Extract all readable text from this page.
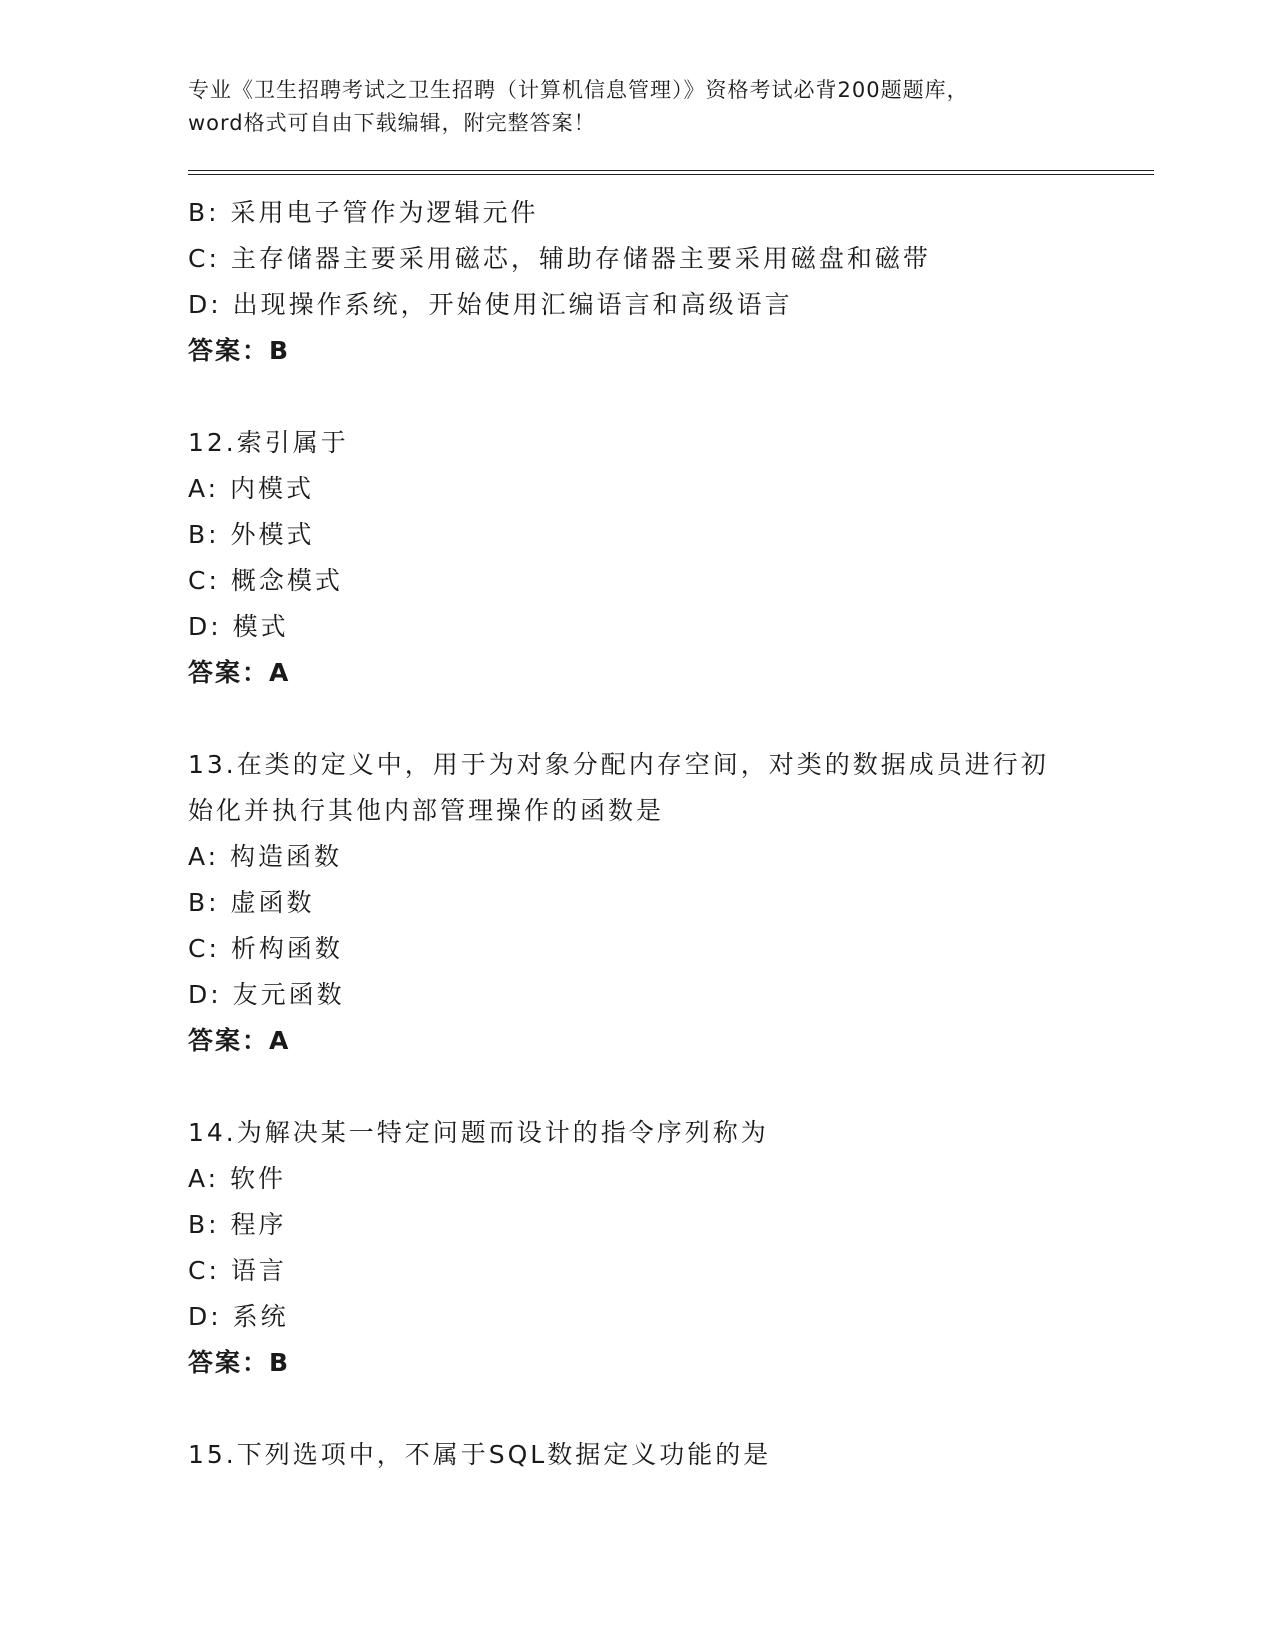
专业《卫生招聘考试之卫生招聘（计算机信息管理）》资格考试必背200题题库，
word格式可自由下载编辑，附完整答案！
B: 采用电子管作为逻辑元件
C: 主存储器主要采用磁芯，辅助存储器主要采用磁盘和磁带
D: 出现操作系统，开始使用汇编语言和高级语言
答案：B
12.索引属于
A: 内模式
B: 外模式
C: 概念模式
D: 模式
答案：A
13.在类的定义中，用于为对象分配内存空间，对类的数据成员进行初
始化并执行其他内部管理操作的函数是
A: 构造函数
B: 虚函数
C: 析构函数
D: 友元函数
答案：A
14.为解决某一特定问题而设计的指令序列称为
A: 软件
B: 程序
C: 语言
D: 系统
答案：B
15.下列选项中，不属于SQL数据定义功能的是
